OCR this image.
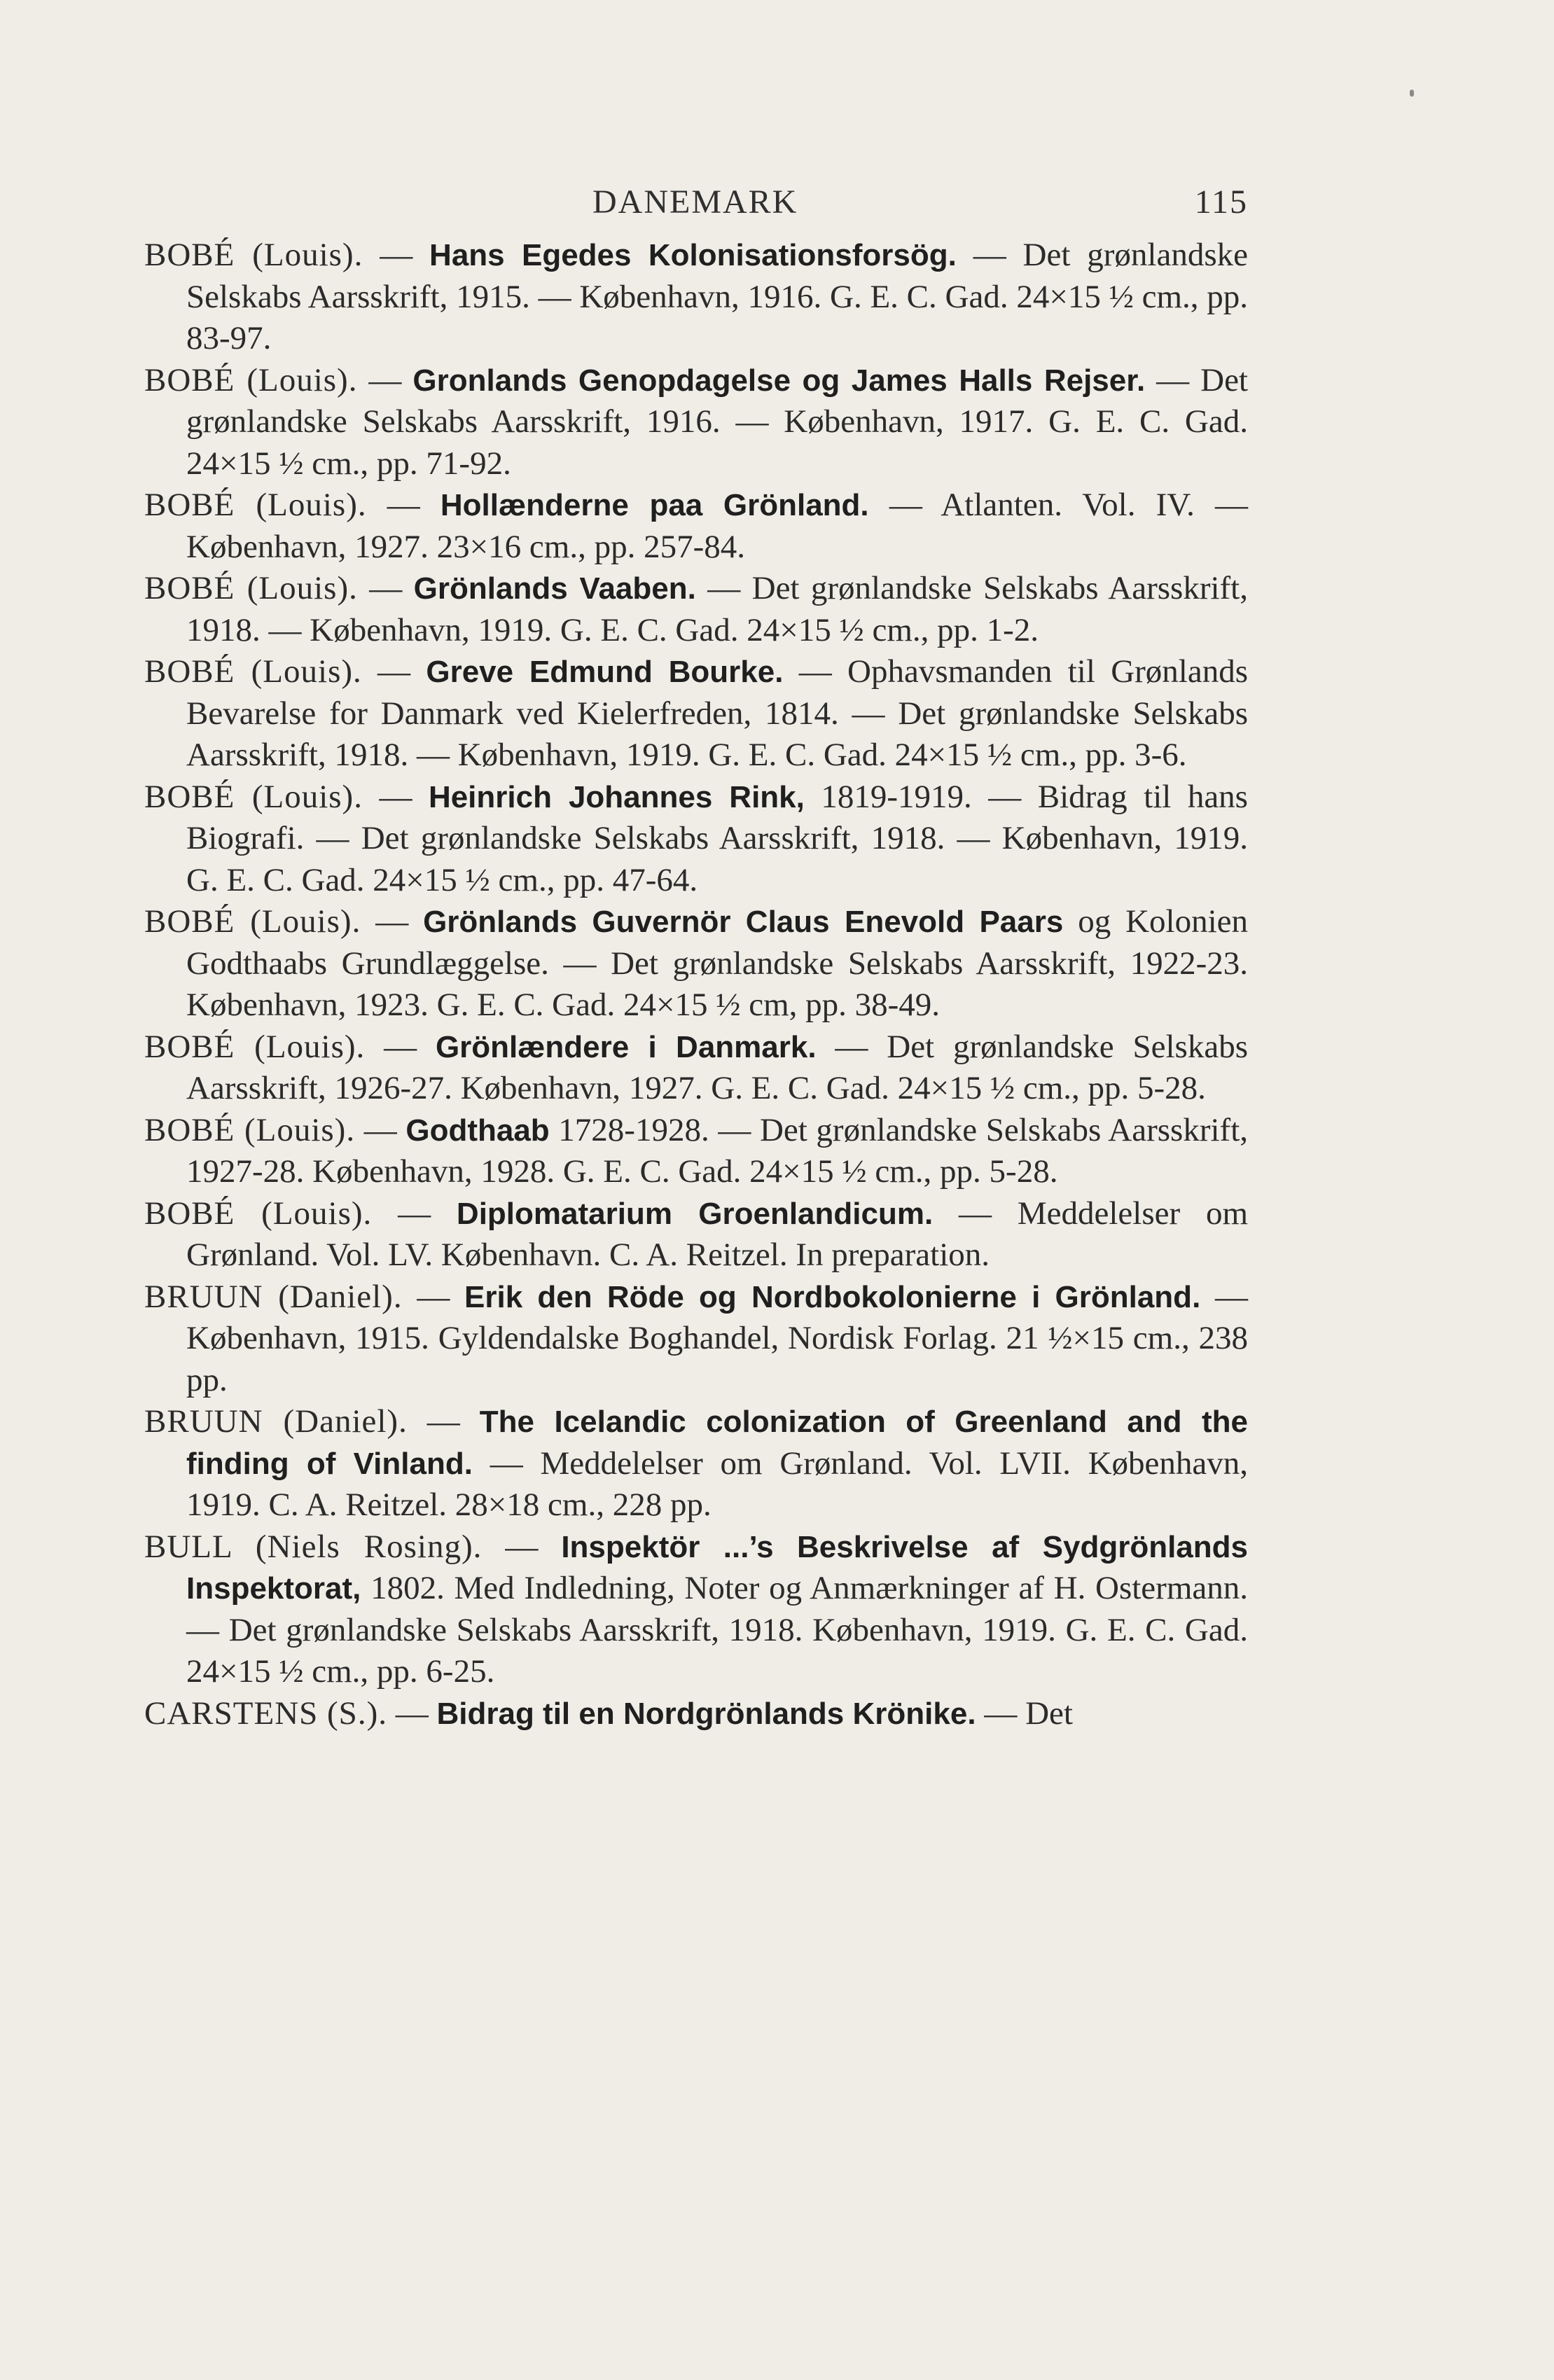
DANEMARK	115

BOBÉ (Louis). — Hans Egedes Kolonisationsforsög. — Det grønlandske Selskabs Aarsskrift, 1915. — København, 1916. G. E. C. Gad. 24×15 ½ cm., pp. 83-97.

BOBÉ (Louis). — Gronlands Genopdagelse og James Halls Rejser. — Det grønlandske Selskabs Aarsskrift, 1916. — København, 1917. G. E. C. Gad. 24×15 ½ cm., pp. 71-92.

BOBÉ (Louis). — Hollænderne paa Grönland. — Atlanten. Vol. IV. — København, 1927. 23×16 cm., pp. 257-84.

BOBÉ (Louis). — Grönlands Vaaben. — Det grønlandske Selskabs Aarsskrift, 1918. — København, 1919. G. E. C. Gad. 24×15 ½ cm., pp. 1-2.

BOBÉ (Louis). — Greve Edmund Bourke. — Ophavsmanden til Grønlands Bevarelse for Danmark ved Kielerfreden, 1814. — Det grønlandske Selskabs Aarsskrift, 1918. — København, 1919. G. E. C. Gad. 24×15 ½ cm., pp. 3-6.

BOBÉ (Louis). — Heinrich Johannes Rink, 1819-1919. — Bidrag til hans Biografi. — Det grønlandske Selskabs Aarsskrift, 1918. — København, 1919. G. E. C. Gad. 24×15 ½ cm., pp. 47-64.

BOBÉ (Louis). — Grönlands Guvernör Claus Enevold Paars og Kolonien Godthaabs Grundlæggelse. — Det grønlandske Selskabs Aarsskrift, 1922-23. København, 1923. G. E. C. Gad. 24×15 ½ cm, pp. 38-49.

BOBÉ (Louis). — Grönlændere i Danmark. — Det grønlandske Selskabs Aarsskrift, 1926-27. København, 1927. G. E. C. Gad. 24×15 ½ cm., pp. 5-28.

BOBÉ (Louis). — Godthaab 1728-1928. — Det grønlandske Selskabs Aarsskrift, 1927-28. København, 1928. G. E. C. Gad. 24×15 ½ cm., pp. 5-28.

BOBÉ (Louis). — Diplomatarium Groenlandicum. — Meddelelser om Grønland. Vol. LV. København. C. A. Reitzel. In preparation.

BRUUN (Daniel). — Erik den Röde og Nordbokolonierne i Grönland. — København, 1915. Gyldendalske Boghandel, Nordisk Forlag. 21 ½×15 cm., 238 pp.

BRUUN (Daniel). — The Icelandic colonization of Greenland and the finding of Vinland. — Meddelelser om Grønland. Vol. LVII. København, 1919. C. A. Reitzel. 28×18 cm., 228 pp.

BULL (Niels Rosing). — Inspektör ...’s Beskrivelse af Sydgrönlands Inspektorat, 1802. Med Indledning, Noter og Anmærkninger af H. Ostermann. — Det grønlandske Selskabs Aarsskrift, 1918. København, 1919. G. E. C. Gad. 24×15 ½ cm., pp. 6-25.

CARSTENS (S.). — Bidrag til en Nordgrönlands Krönike. — Det
